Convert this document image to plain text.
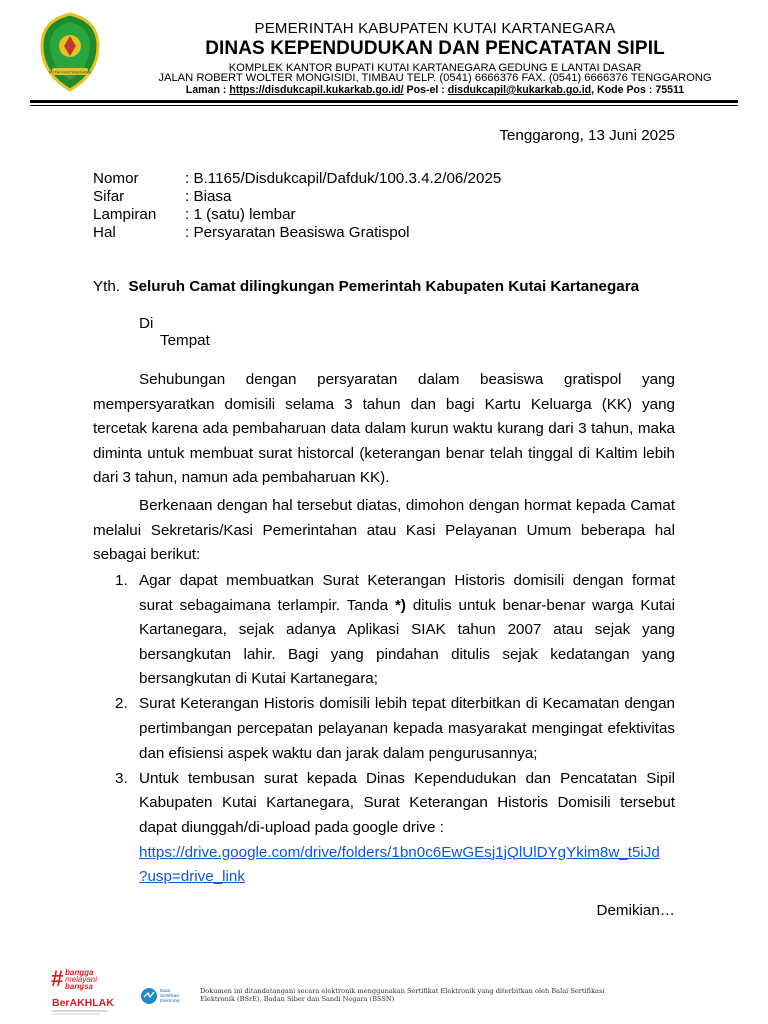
KUTAI KARTANEGARA
PEMERINTAH KABUPATEN KUTAI KARTANEGARA
DINAS KEPENDUDUKAN DAN PENCATATAN SIPIL
KOMPLEK KANTOR BUPATI KUTAI KARTANEGARA GEDUNG E LANTAI DASAR
JALAN ROBERT WOLTER MONGISIDI, TIMBAU TELP. (0541) 6666376 FAX. (0541) 6666376 TENGGARONG
Laman : https://disdukcapil.kukarkab.go.id/ Pos-el : disdukcapil@kukarkab.go.id, Kode Pos : 75511
Tenggarong, 13 Juni 2025
Nomor	: B.1165/Disdukcapil/Dafduk/100.3.4.2/06/2025
Sifar	: Biasa
Lampiran : 1 (satu) lembar
Hal	: Persyaratan Beasiswa Gratispol
Yth. Seluruh Camat dilingkungan Pemerintah Kabupaten Kutai Kartanegara
Di
Tempat

Sehubungan dengan persyaratan dalam beasiswa gratispol yang mempersyaratkan domisili selama 3 tahun dan bagi Kartu Keluarga (KK) yang tercetak karena ada pembaharuan data dalam kurun waktu kurang dari 3 tahun, maka diminta untuk membuat surat historcal (keterangan benar telah tinggal di Kaltim lebih dari 3 tahun, namun ada pembaharuan KK).

Berkenaan dengan hal tersebut diatas, dimohon dengan hormat kepada Camat melalui Sekretaris/Kasi Pemerintahan atau Kasi Pelayanan Umum beberapa hal sebagai berikut:

1. Agar dapat membuatkan Surat Keterangan Historis domisili dengan format surat sebagaimana terlampir. Tanda *) ditulis untuk benar-benar warga Kutai Kartanegara, sejak adanya Aplikasi SIAK tahun 2007 atau sejak yang bersangkutan lahir. Bagi yang pindahan ditulis sejak kedatangan yang bersangkutan di Kutai Kartanegara;
2. Surat Keterangan Historis domisili lebih tepat diterbitkan di Kecamatan dengan pertimbangan percepatan pelayanan kepada masyarakat mengingat efektivitas dan efisiensi aspek waktu dan jarak dalam pengurusannya;
3. Untuk tembusan surat kepada Dinas Kependudukan dan Pencatatan Sipil Kabupaten Kutai Kartanegara, Surat Keterangan Historis Domisili tersebut dapat diunggah/di-upload pada google drive :
https://drive.google.com/drive/folders/1bn0c6EwGEsj1jQlUlDYgYkim8w_t5iJd
?usp=drive_link
Demikian…
# bangga
melayani
bangsa
BerAKHLAK
Balai
Sertifikasi
Elektronik
Dokumen ini ditandatangani secara elektronik menggunakan Sertifikat Elektronik yang diterbitkan oleh Balai Sertifikasi Elektronik (BSrE), Badan Siber dan Sandi Negara (BSSN)
